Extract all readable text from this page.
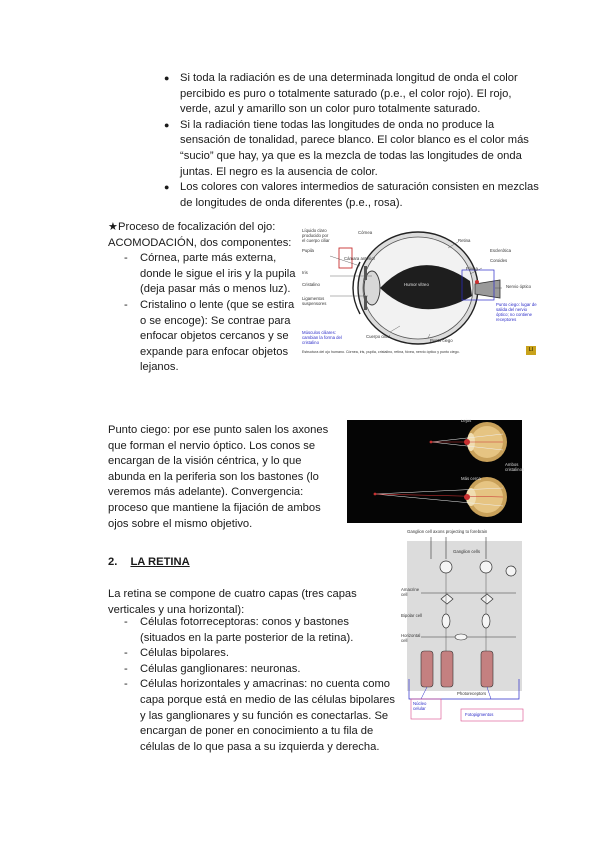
● Si toda la radiación es de una determinada longitud de onda el color percibido es puro o totalmente saturado (p.e., el color rojo). El rojo, verde, azul y amarillo son un color puro totalmente saturado.
● Si la radiación tiene todas las longitudes de onda no produce la sensación de tonalidad, parece blanco. El color blanco es el color más “sucio” que hay, ya que es la mezcla de todas las longitudes de onda juntas. El negro es la ausencia de color.
● Los colores con valores intermedios de saturación consisten en mezclas de longitudes de onda diferentes (p.e., rosa).
★Proceso de focalización del ojo:
ACOMODACIÓN, dos componentes:
- Córnea, parte más externa, donde le sigue el iris y la pupila (deja pasar más o menos luz).
- Cristalino o lente (que se estira o se encoge): Se contrae para enfocar objetos cercanos y se expande para enfocar objetos lejanos.
Líquido claro producido por el cuerpo ciliar
Córnea
Pupila
Iris
Cristalino
Ligamentos suspensores
Retina
Fóvea
Nervio óptico
Esclerótica
Coroides
Humor vítreo
Cámara anterior
Cuerpo ciliar
Punto ciego
Punto ciego: lugar de salida del nervio óptico; no contiene receptores
Músculos ciliares: cambian la forma del cristalino
Estructura del ojo humano. Córnea, iris, pupila, cristalino, retina, fóvea, nervio óptico y punto ciego.	Ll
Punto ciego: por ese punto salen los axones que forman el nervio óptico. Los conos se encargan de la visión céntrica, y lo que abunda en la periferia son los bastones (lo veremos más adelante). Convergencia: proceso que mantiene la fijación de ambos ojos sobre el mismo objetivo.
Lejos
Ambos cristalinos
Más cerca
2. LA RETINA
La retina se compone de cuatro capas (tres capas verticales y una horizontal):
- Células fotorreceptoras: conos y bastones (situados en la parte posterior de la retina).
- Células bipolares.
- Células ganglionares: neuronas.
- Células horizontales y amacrinas: no cuenta como capa porque está en medio de las células bipolares y las ganglionares y su función es conectarlas. Se encargan de poner en conocimiento a tu fila de células de lo que pasa a su izquierda y derecha.
Ganglion cell axons projecting to forebrain
Ganglion cells
Amacrine cell
Bipolar cell
Horizontal cell
Photoreceptors
Núcleo celular
Fotopigmentos
